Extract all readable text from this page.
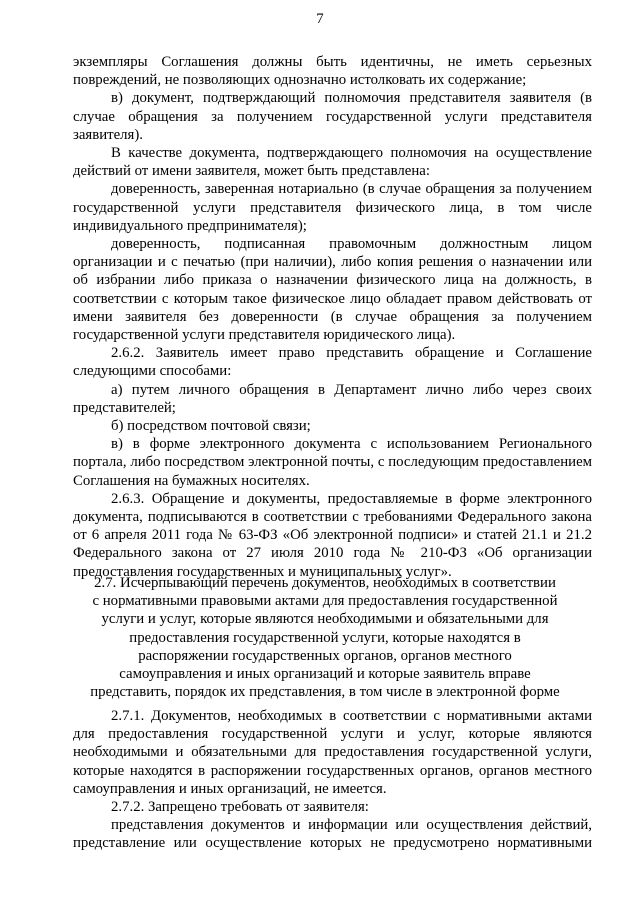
7

экземпляры Соглашения должны быть идентичны, не иметь серьезных повреждений, не позволяющих однозначно истолковать их содержание;

в) документ, подтверждающий полномочия представителя заявителя (в случае обращения за получением государственной услуги представителя заявителя).

В качестве документа, подтверждающего полномочия на осуществление действий от имени заявителя, может быть представлена:

доверенность, заверенная нотариально (в случае обращения за получением государственной услуги представителя физического лица, в том числе индивидуального предпринимателя);

доверенность, подписанная правомочным должностным лицом организации и с печатью (при наличии), либо копия решения о назначении или об избрании либо приказа о назначении физического лица на должность, в соответствии с которым такое физическое лицо обладает правом действовать от имени заявителя без доверенности (в случае обращения за получением государственной услуги представителя юридического лица).

2.6.2. Заявитель имеет право представить обращение и Соглашение следующими способами:

а) путем личного обращения в Департамент лично либо через своих представителей;

б) посредством почтовой связи;

в) в форме электронного документа с использованием Регионального портала, либо посредством электронной почты, с последующим предоставлением Соглашения на бумажных носителях.

2.6.3. Обращение и документы, предоставляемые в форме электронного документа, подписываются в соответствии с требованиями Федерального закона от 6 апреля 2011 года № 63-ФЗ «Об электронной подписи» и статей 21.1 и 21.2 Федерального закона от 27 июля 2010 года № 210-ФЗ «Об организации предоставления государственных и муниципальных услуг».

2.7. Исчерпывающий перечень документов, необходимых в соответствии с нормативными правовыми актами для предоставления государственной услуги и услуг, которые являются необходимыми и обязательными для предоставления государственной услуги, которые находятся в распоряжении государственных органов, органов местного самоуправления и иных организаций и которые заявитель вправе представить, порядок их представления, в том числе в электронной форме

2.7.1. Документов, необходимых в соответствии с нормативными актами для предоставления государственной услуги и услуг, которые являются необходимыми и обязательными для предоставления государственной услуги, которые находятся в распоряжении государственных органов, органов местного самоуправления и иных организаций, не имеется.

2.7.2. Запрещено требовать от заявителя:

представления документов и информации или осуществления действий, представление или осуществление которых не предусмотрено нормативными
